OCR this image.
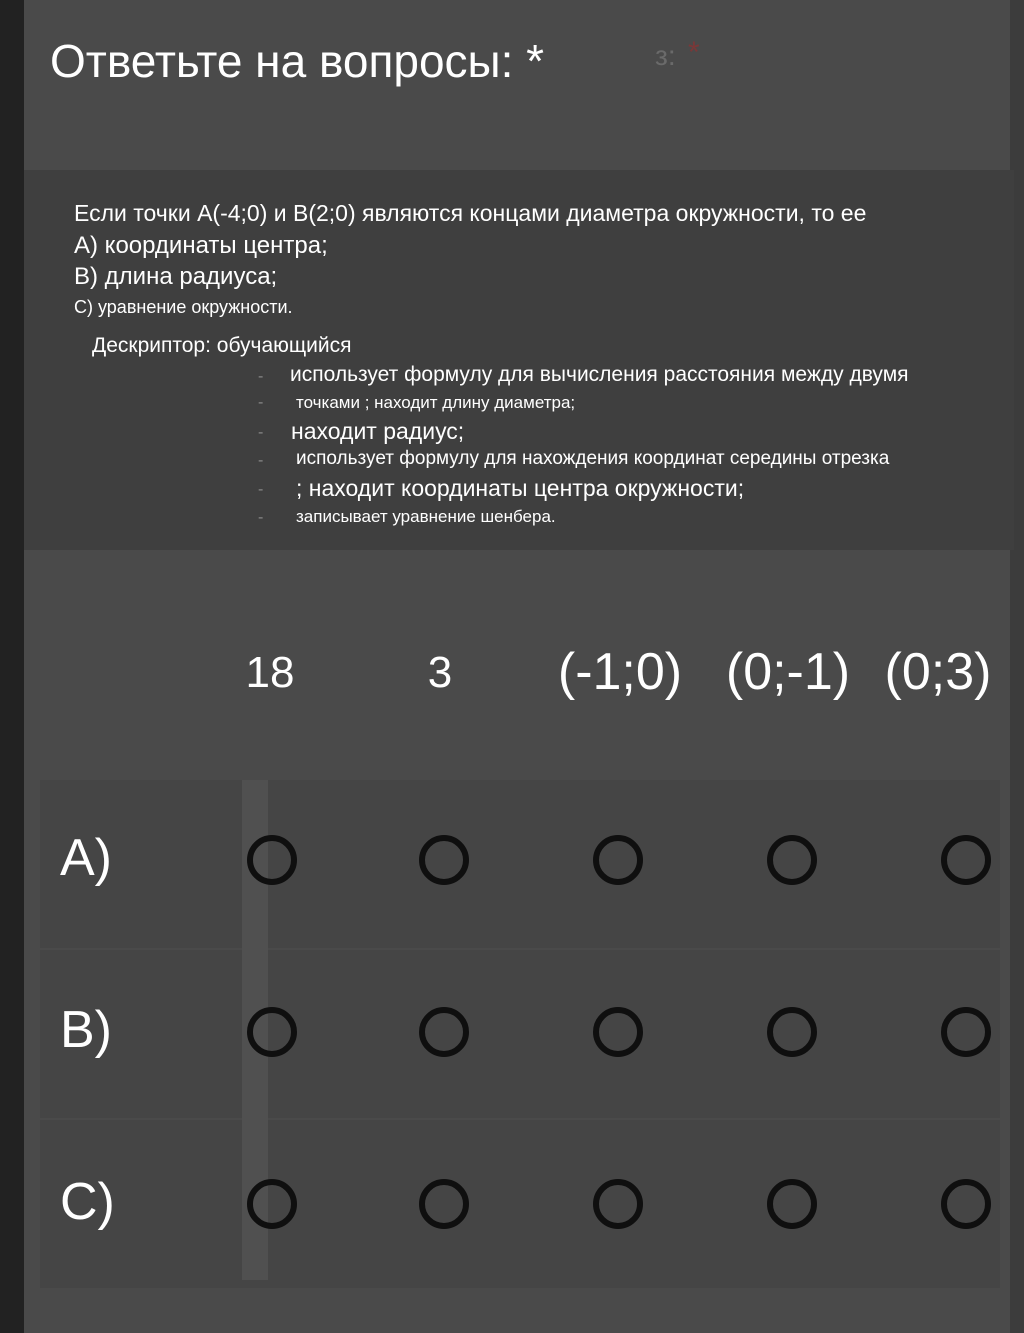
Ответьте на вопросы: *	з: *
Если точки A(-4;0) и B(2;0) являются концами диаметра окружности, то ее
А) координаты центра;
В) длина радиуса;
С) уравнение окружности.
Дескриптор: обучающийся
- использует формулу для вычисления расстояния между двумя
- точками ; находит длину диаметра;
- находит радиус;
- использует формулу для нахождения координат середины отрезка
- ; находит координаты центра окружности;
- записывает уравнение шенбера.
18	3 (-1;0) (0;-1) (0;3)
А)
В)
С)
